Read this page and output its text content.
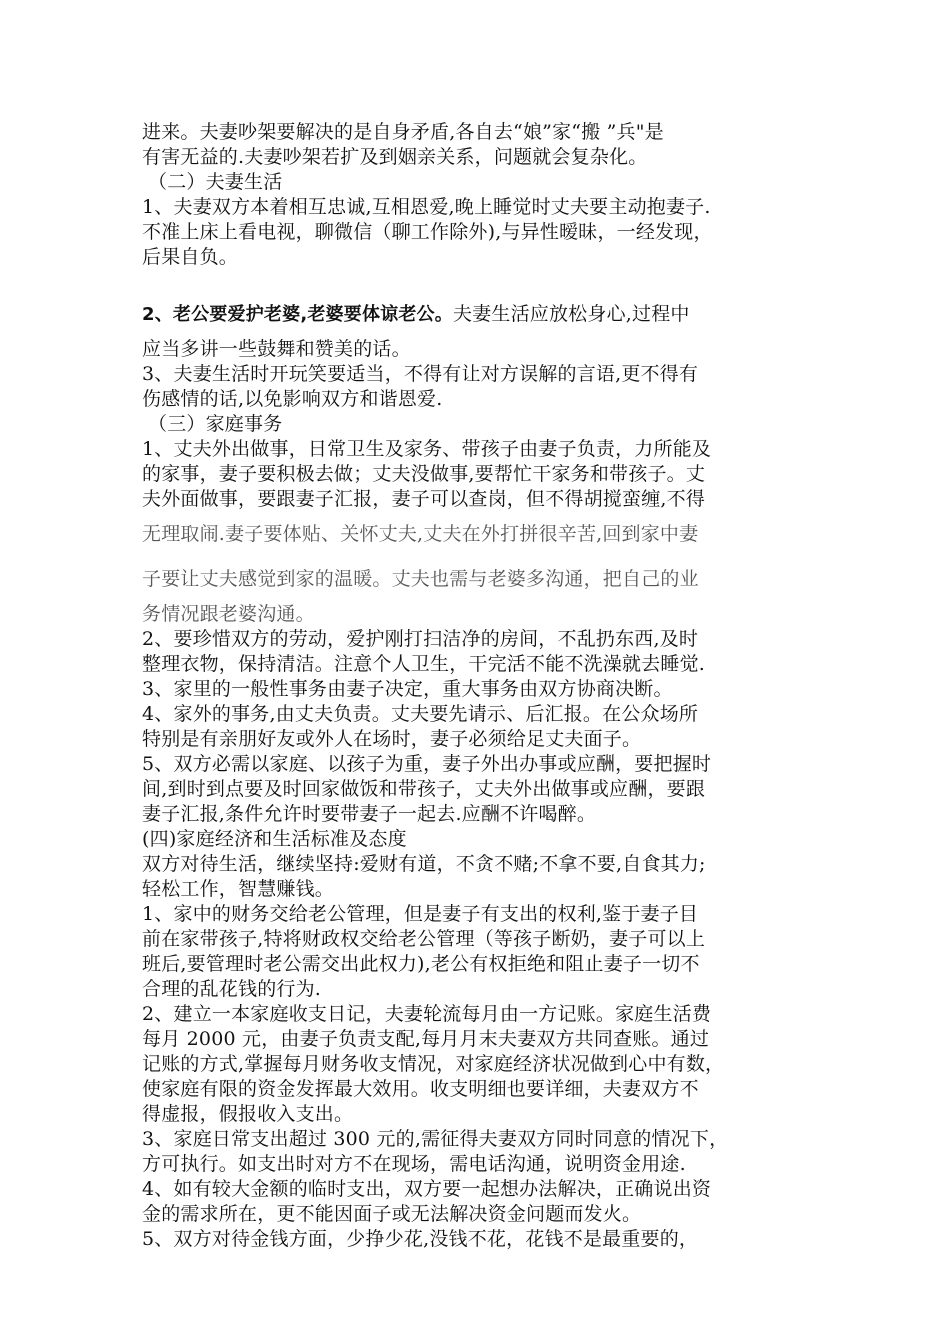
进来。夫妻吵架要解决的是自身矛盾,各自去“娘”家“搬 ”兵"是
有害无益的.夫妻吵架若扩及到姻亲关系，问题就会复杂化。
（二）夫妻生活
1、夫妻双方本着相互忠诚,互相恩爱,晚上睡觉时丈夫要主动抱妻子.
不准上床上看电视，聊微信（聊工作除外),与异性暧昧，一经发现，
后果自负。
2、老公要爱护老婆,老婆要体谅老公。夫妻生活应放松身心,过程中
应当多讲一些鼓舞和赞美的话。
3、夫妻生活时开玩笑要适当，不得有让对方误解的言语,更不得有
伤感情的话,以免影响双方和谐恩爱.
（三）家庭事务
1、丈夫外出做事，日常卫生及家务、带孩子由妻子负责，力所能及
的家事，妻子要积极去做；丈夫没做事,要帮忙干家务和带孩子。丈
夫外面做事，要跟妻子汇报，妻子可以查岗，但不得胡搅蛮缠,不得
无理取闹.妻子要体贴、关怀丈夫,丈夫在外打拼很辛苦,回到家中妻
子要让丈夫感觉到家的温暖。丈夫也需与老婆多沟通，把自己的业
务情况跟老婆沟通。
2、要珍惜双方的劳动，爱护刚打扫洁净的房间，不乱扔东西,及时
整理衣物，保持清洁。注意个人卫生，干完活不能不洗澡就去睡觉.
3、家里的一般性事务由妻子决定，重大事务由双方协商决断。
4、家外的事务,由丈夫负责。丈夫要先请示、后汇报。在公众场所
特别是有亲朋好友或外人在场时，妻子必须给足丈夫面子。
5、双方必需以家庭、以孩子为重，妻子外出办事或应酬，要把握时
间,到时到点要及时回家做饭和带孩子，丈夫外出做事或应酬，要跟
妻子汇报,条件允许时要带妻子一起去.应酬不许喝醉。
(四)家庭经济和生活标准及态度
双方对待生活，继续坚持:爱财有道，不贪不赌;不拿不要,自食其力;
轻松工作，智慧赚钱。
1、家中的财务交给老公管理，但是妻子有支出的权利,鉴于妻子目
前在家带孩子,特将财政权交给老公管理（等孩子断奶，妻子可以上
班后,要管理时老公需交出此权力),老公有权拒绝和阻止妻子一切不
合理的乱花钱的行为.
2、建立一本家庭收支日记，夫妻轮流每月由一方记账。家庭生活费
每月 2000 元，由妻子负责支配,每月月末夫妻双方共同查账。通过
记账的方式,掌握每月财务收支情况，对家庭经济状况做到心中有数，
使家庭有限的资金发挥最大效用。收支明细也要详细，夫妻双方不
得虚报，假报收入支出。
3、家庭日常支出超过 300 元的,需征得夫妻双方同时同意的情况下，
方可执行。如支出时对方不在现场，需电话沟通，说明资金用途.
4、如有较大金额的临时支出，双方要一起想办法解决，正确说出资
金的需求所在，更不能因面子或无法解决资金问题而发火。
5、双方对待金钱方面，少挣少花,没钱不花，花钱不是最重要的，
